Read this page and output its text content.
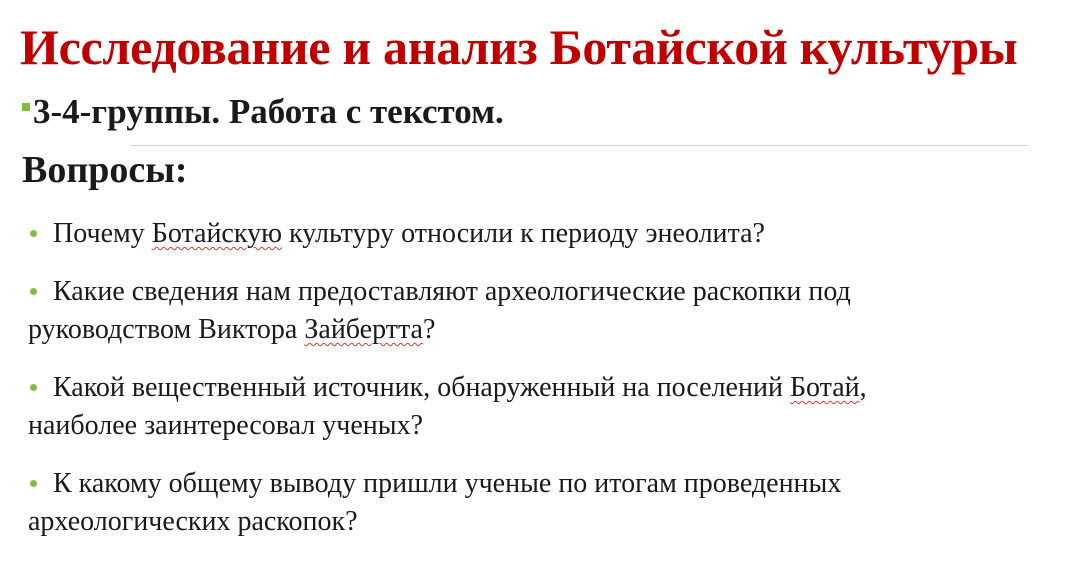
Исследование и анализ Ботайской культуры
3-4-группы. Работа с текстом.
Вопросы:
Почему Ботайскую культуру относили к периоду энеолита?
Какие сведения нам предоставляют археологические раскопки под
руководством Виктора Зайбертта?
Какой вещественный источник, обнаруженный на поселений Ботай,
наиболее заинтересовал ученых?
К какому общему выводу пришли ученые по итогам проведенных
археологических раскопок?
